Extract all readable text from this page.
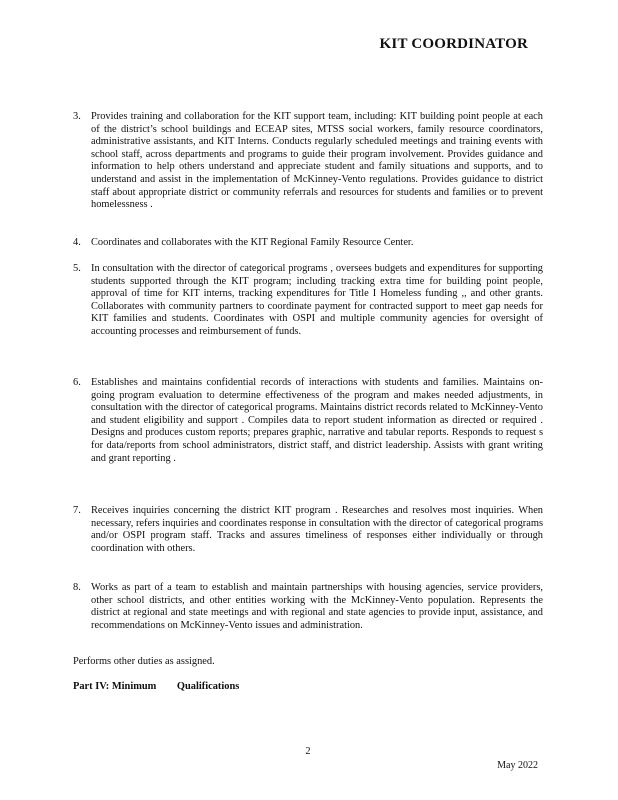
KIT COORDINATOR
3. Provides training and collaboration for the KIT support team, including: KIT building point people at each of the district’s school buildings and ECEAP sites, MTSS social workers, family resource coordinators, administrative assistants, and KIT Interns. Conducts regularly scheduled meetings and training events with school staff, across departments and programs to guide their program involvement. Provides guidance and information to help others understand and appreciate student and family situations and supports, and to understand and assist in the implementation of McKinney-Vento regulations. Provides guidance to district staff about appropriate district or community referrals and resources for students and families or to prevent homelessness .
4. Coordinates and collaborates with the KIT Regional Family Resource Center.
5. In consultation with the director of categorical programs , oversees budgets and expenditures for supporting students supported through the KIT program; including tracking extra time for building point people, approval of time for KIT interns, tracking expenditures for Title I Homeless funding ,, and other grants. Collaborates with community partners to coordinate payment for contracted support to meet gap needs for KIT families and students. Coordinates with OSPI and multiple community agencies for oversight of accounting processes and reimbursement of funds.
6. Establishes and maintains confidential records of interactions with students and families. Maintains on-going program evaluation to determine effectiveness of the program and makes needed adjustments, in consultation with the director of categorical programs. Maintains district records related to McKinney-Vento and student eligibility and support . Compiles data to report student information as directed or required . Designs and produces custom reports; prepares graphic, narrative and tabular reports. Responds to request s for data/reports from school administrators, district staff, and district leadership. Assists with grant writing and grant reporting .
7. Receives inquiries concerning the district KIT program . Researches and resolves most inquiries. When necessary, refers inquiries and coordinates response in consultation with the director of categorical programs and/or OSPI program staff. Tracks and assures timeliness of responses either individually or through coordination with others.
8. Works as part of a team to establish and maintain partnerships with housing agencies, service providers, other school districts, and other entities working with the McKinney-Vento population. Represents the district at regional and state meetings and with regional and state agencies to provide input, assistance, and recommendations on McKinney-Vento issues and administration.
Performs other duties as assigned.
Part IV: Minimum Qualifications
2
May 2022
